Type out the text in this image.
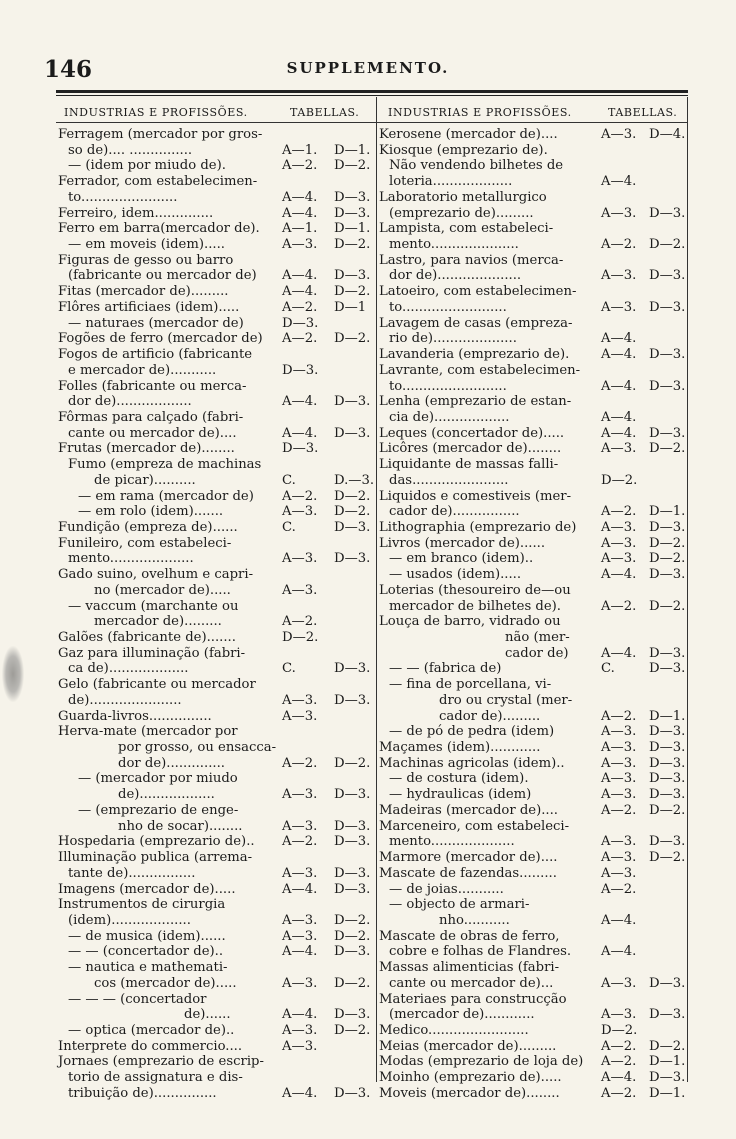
146	SUPPLEMENTO.
INDUSTRIAS E PROFISSÕES.	TABELLAS.	INDUSTRIAS E PROFISSÕES.	TABELLAS.
Ferragem (mercador por gros-
so de).... ...............	A—1. D—1.
— (idem por miudo de).	A—2. D—2.
Ferrador, com estabelecimen-
to.......................	A—4. D—3.
Ferreiro, idem..............	A—4. D—3.
Ferro em barra(mercador de). A—1. D—1.
— em moveis (idem).....	A—3. D—2.
Figuras de gesso ou barro
(fabricante ou mercador de) A—4. D—3.
Fitas (mercador de).........	A—4. D—2.
Flôres artificiaes (idem).....	A—2. D—1
— naturaes (mercador de)	D—3.
Fogões de ferro (mercador de) A—2. D—2.
Fogos de artificio (fabricante
e mercador de)...........	D—3.
Folles (fabricante ou merca-
dor de)..................	A—4. D—3.
Fôrmas para calçado (fabri-
cante ou mercador de)....	A—4. D—3.
Frutas (mercador de)........	D—3.
Fumo (empreza de machinas
de picar)..........	C.	D.—3.
— em rama (mercador de) A—2. D—2.
— em rolo (idem).......	A—3. D—2.
Fundição (empreza de)......	C.	D—3.
Funileiro, com estabeleci-
mento....................	A—3. D—3.
Gado suino, ovelhum e capri-
no (mercador de).....	A—3.
— vaccum (marchante ou
mercador de).........	A—2.
Galões (fabricante de).......	D—2.
Gaz para illuminação (fabri-
ca de)...................	C.	D—3.
Gelo (fabricante ou mercador
de)......................	A—3. D—3.
Guarda-livros...............	A—3.
Herva-mate (mercador por
por grosso, ou ensacca-
dor de)..............	A—2. D—2.
— (mercador por miudo
de)..................	A—3. D—3.
— (emprezario de enge-
nho de socar)........	A—3. D—3.
Hospedaria (emprezario de).. A—2. D—3.
Illuminação publica (arrema-
tante de)................	A—3. D—3.
Imagens (mercador de).....	A—4. D—3.
Instrumentos de cirurgia
(idem)...................	A—3. D—2.
— de musica (idem)......	A—3. D—2.
— — (concertador de)..	A—4. D—3.
— nautica e mathemati-
cos (mercador de).....	A—3. D—2.
— — — (concertador
de)......	A—4. D—3.
— optica (mercador de)..	A—3. D—2.
Interprete do commercio....	A—3.
Jornaes (emprezario de escrip-
torio de assignatura e dis-
tribuição de)...............	A—4. D—3.
Kerosene (mercador de)....	A—3. D—4.
Kiosque (emprezario de).
Não vendendo bilhetes de
loteria...................	A—4.
Laboratorio metallurgico
(emprezario de).........	A—3. D—3.
Lampista, com estabeleci-
mento.....................	A—2. D—2.
Lastro, para navios (merca-
dor de)....................	A—3. D—3.
Latoeiro, com estabelecimen-
to.........................	A—3. D—3.
Lavagem de casas (empreza-
rio de)....................	A—4.
Lavanderia (emprezario de). A—4. D—3.
Lavrante, com estabelecimen-
to.........................	A—4. D—3.
Lenha (emprezario de estan-
cia de)..................	A—4.
Leques (concertador de).....	A—4. D—3.
Licôres (mercador de)........	A—3. D—2.
Liquidante de massas falli-
das.......................	D—2.
Liquidos e comestiveis (mer-
cador de)................	A—2. D—1.
Lithographia (emprezario de) A—3. D—3.
Livros (mercador de)......	A—3. D—2.
— em branco (idem)..	A—3. D—2.
— usados (idem).....	A—4. D—3.
Loterias (thesoureiro de—ou
mercador de bilhetes de).	A—2. D—2.
Louça de barro, vidrado ou
não (mer-
cador de) A—4. D—3.
— — (fabrica de)	C.	D—3.
— fina de porcellana, vi-
dro ou crystal (mer-
cador de).........	A—2. D—1.
— de pó de pedra (idem)	A—3. D—3.
Maçames (idem)............	A—3. D—3.
Machinas agricolas (idem)..	A—3. D—3.
— de costura (idem).	A—3. D—3.
— hydraulicas (idem)	A—3. D—3.
Madeiras (mercador de)....	A—2. D—2.
Marceneiro, com estabeleci-
mento....................	A—3. D—3.
Marmore (mercador de)....	A—3. D—2.
Mascate de fazendas.........	A—3.
— de joias...........	A—2.
— objecto de armari-
nho...........	A—4.
Mascate de obras de ferro,
cobre e folhas de Flandres. A—4.
Massas alimenticias (fabri-
cante ou mercador de)...	A—3. D—3.
Materiaes para construcção
(mercador de)............	A—3. D—3.
Medico........................	D—2.
Meias (mercador de).........	A—2. D—2.
Modas (emprezario de loja de) A—2. D—1.
Moinho (emprezario de).....	A—4. D—3.
Moveis (mercador de)........	A—2. D—1.
